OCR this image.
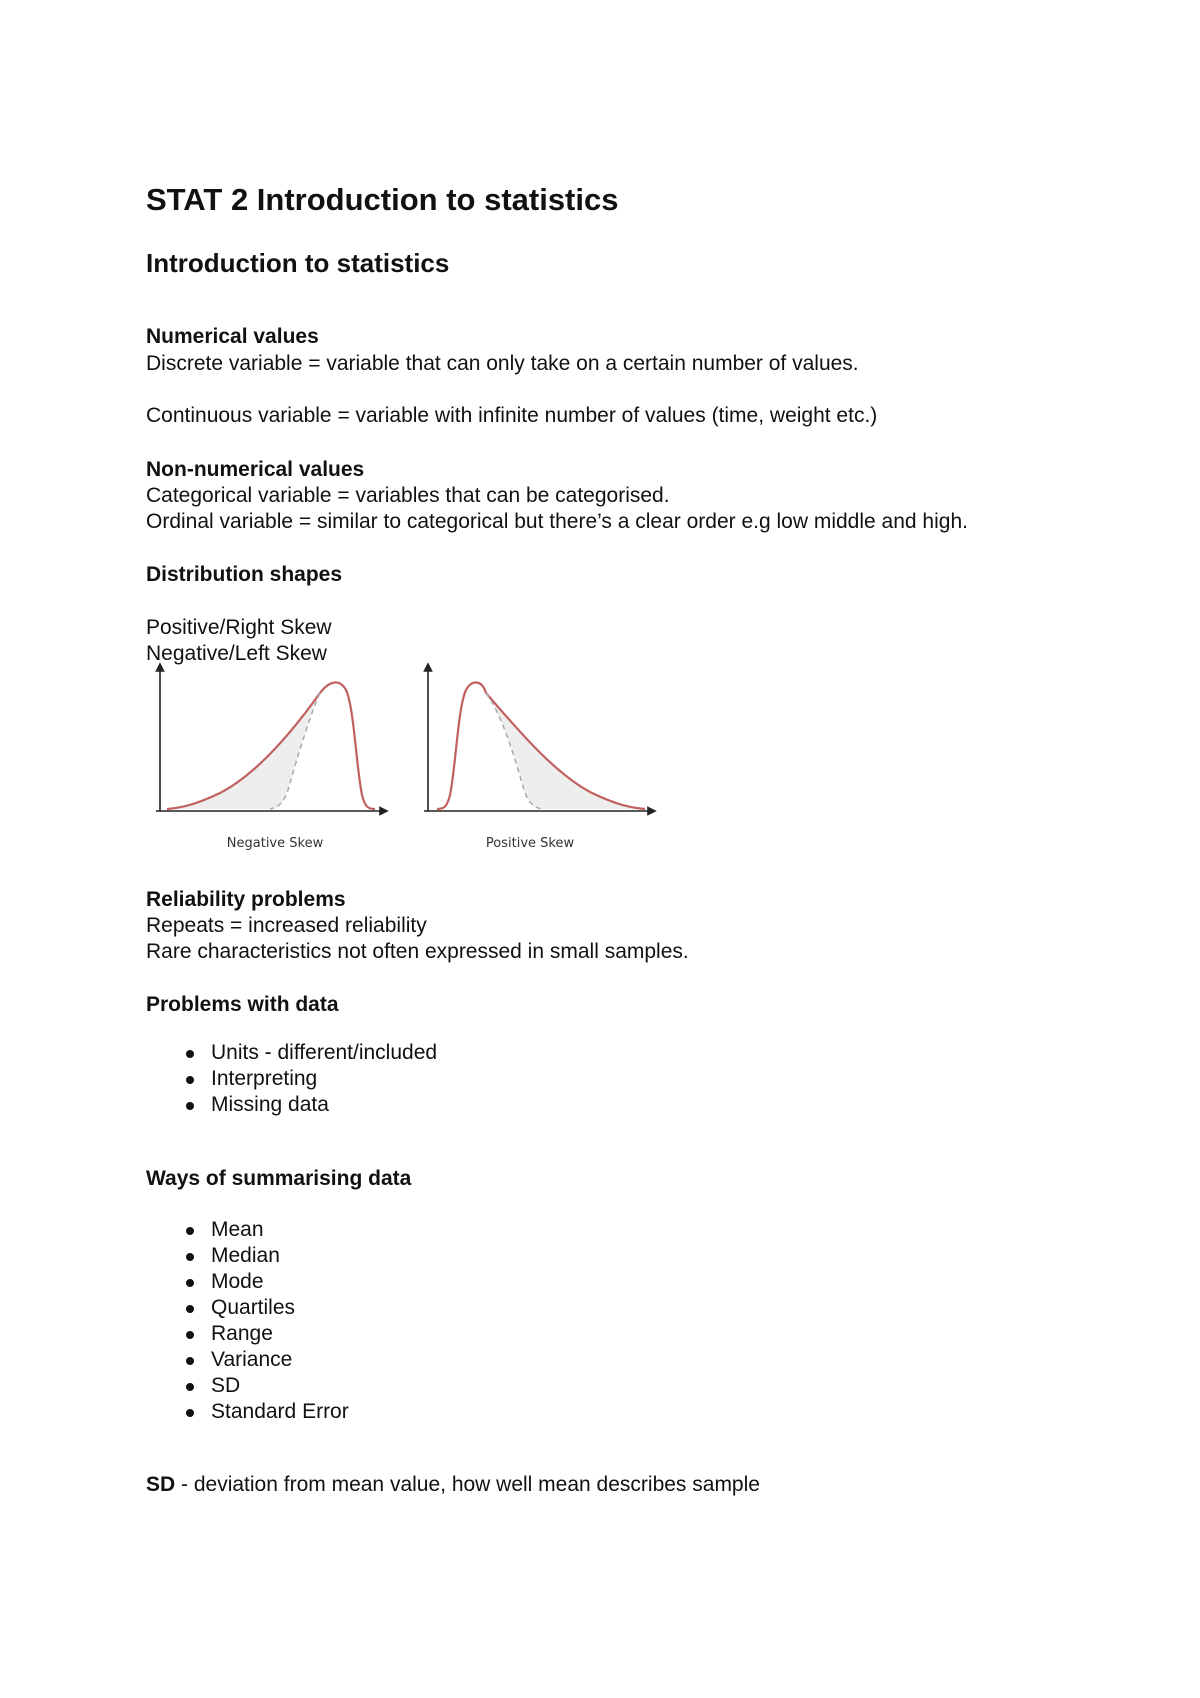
STAT 2 Introduction to statistics
Introduction to statistics

Numerical values

Discrete variable = variable that can only take on a certain number of values.

Continuous variable = variable with infinite number of values (time, weight etc.)

Non-numerical values

Categorical variable = variables that can be categorised.

Ordinal variable = similar to categorical but there’s a clear order e.g low middle and high.

Distribution shapes

Positive/Right Skew

Negative/Left Skew

Reliability problems

Repeats = increased reliability

Rare characteristics not often expressed in small samples.

Problems with data

Units - different/included
Interpreting
Missing data

Ways of summarising data

Mean
Median
Mode
Quartiles
Range
Variance
SD
Standard Error

SD - deviation from mean value, how well mean describes sample

Negative Skew	Positive Skew
